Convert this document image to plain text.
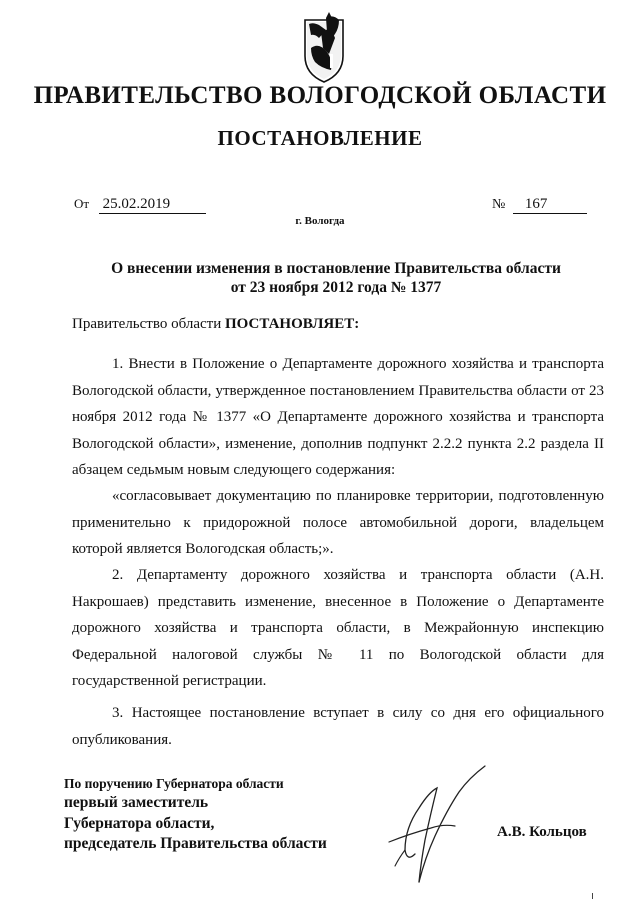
ПРАВИТЕЛЬСТВО ВОЛОГОДСКОЙ ОБЛАСТИ
ПОСТАНОВЛЕНИЕ
От 25.02.2019	№ 167
г. Вологда
О внесении изменения в постановление Правительства области
от 23 ноября 2012 года № 1377
Правительство области ПОСТАНОВЛЯЕТ:

1. Внести в Положение о Департаменте дорожного хозяйства и транспорта Вологодской области, утвержденное постановлением Правительства области от 23 ноября 2012 года № 1377 «О Департаменте дорожного хозяйства и транспорта Вологодской области», изменение, дополнив подпункт 2.2.2 пункта 2.2 раздела II абзацем седьмым новым следующего содержания:

«согласовывает документацию по планировке территории, подготовленную применительно к придорожной полосе автомобильной дороги, владельцем которой является Вологодская область;».

2. Департаменту дорожного хозяйства и транспорта области (А.Н. Накрошаев) представить изменение, внесенное в Положение о Департаменте дорожного хозяйства и транспорта области, в Межрайонную инспекцию Федеральной налоговой службы № 11 по Вологодской области для государственной регистрации.

3. Настоящее постановление вступает в силу со дня его официального опубликования.

По поручению Губернатора области
первый заместитель
Губернатора области,
председатель Правительства области
А.В. Кольцов
